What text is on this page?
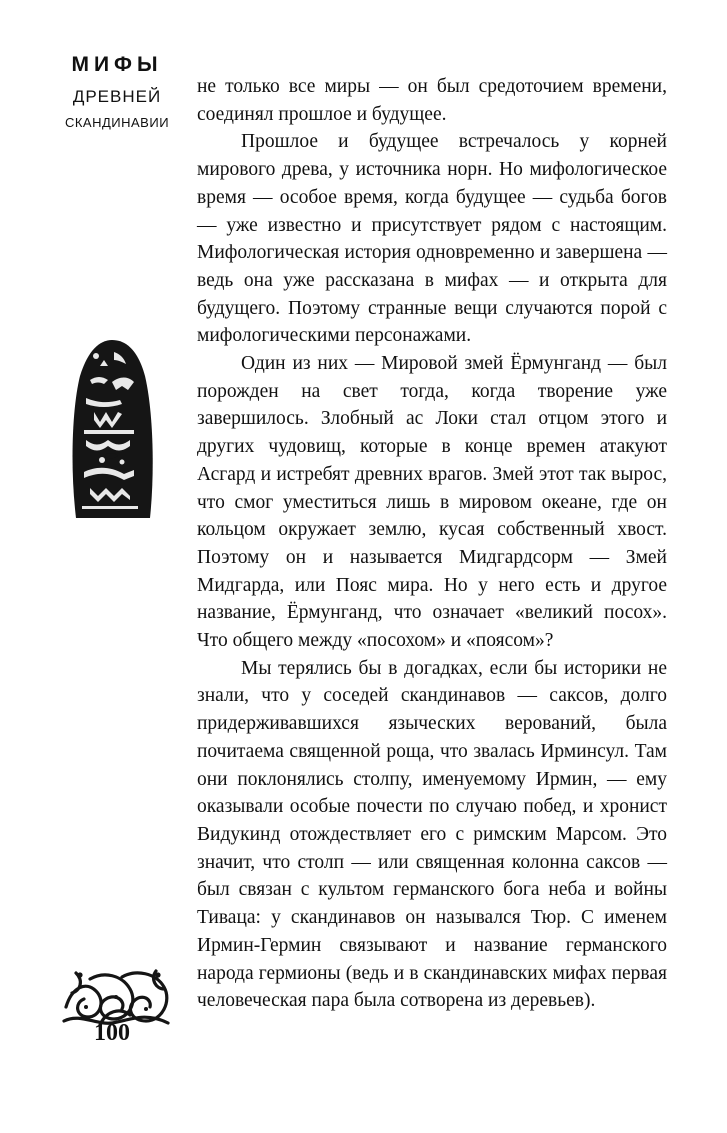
МИФЫ
ДРЕВНЕЙ
СКАНДИНАВИИ
100

не только все миры — он был средоточием времени, соединял прошлое и будущее.

Прошлое и будущее встречалось у корней мирового древа, у источника норн. Но мифологическое время — особое время, когда будущее — судьба богов — уже известно и присутствует рядом с настоящим. Мифологическая история одновременно и завершена — ведь она уже рассказана в мифах — и открыта для будущего. Поэтому странные вещи случаются порой с мифологическими персонажами.

Один из них — Мировой змей Ёрмунганд — был порожден на свет тогда, когда творение уже завершилось. Злобный ас Локи стал отцом этого и других чудовищ, которые в конце времен атакуют Асгард и истребят древних врагов. Змей этот так вырос, что смог уместиться лишь в мировом океане, где он кольцом окружает землю, кусая собственный хвост. Поэтому он и называется Мидгардсорм — Змей Мидгарда, или Пояс мира. Но у него есть и другое название, Ёрмунганд, что означает «великий посох». Что общего между «посохом» и «поясом»?

Мы терялись бы в догадках, если бы историки не знали, что у соседей скандинавов — саксов, долго придерживавшихся языческих верований, была почитаема священной роща, что звалась Ирминсул. Там они поклонялись столпу, именуемому Ирмин, — ему оказывали особые почести по случаю побед, и хронист Видукинд отождествляет его с римским Марсом. Это значит, что столп — или священная колонна саксов — был связан с культом германского бога неба и войны Тиваца: у скандинавов он назывался Тюр. С именем Ирмин-Гермин связывают и название германского народа гермионы (ведь и в скандинавских мифах первая человеческая пара была сотворена из деревьев).
